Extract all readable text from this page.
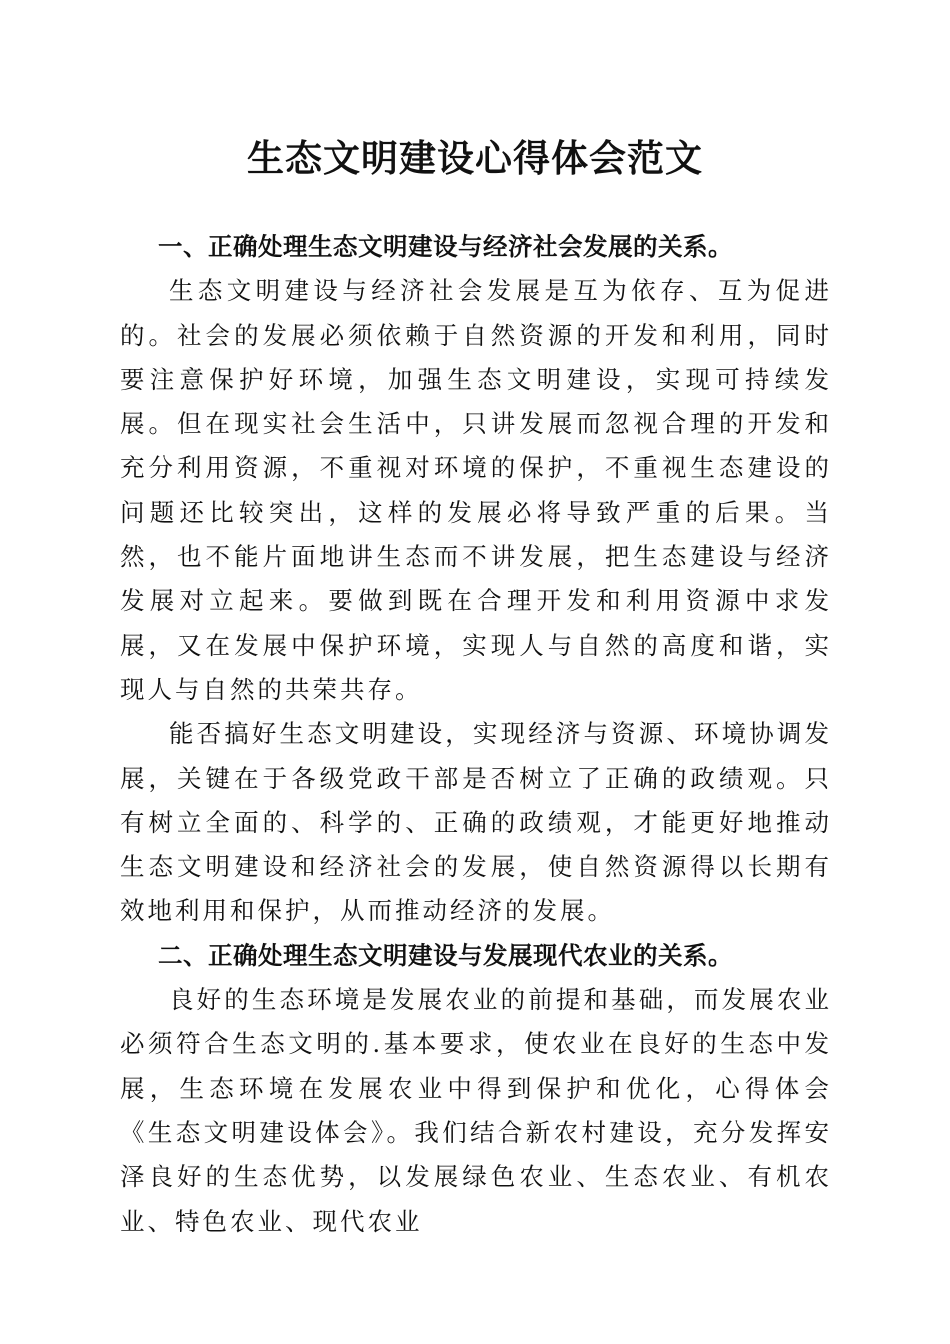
生态文明建设心得体会范文
一、正确处理生态文明建设与经济社会发展的关系。

生态文明建设与经济社会发展是互为依存、互为促进的。社会的发展必须依赖于自然资源的开发和利用，同时要注意保护好环境，加强生态文明建设，实现可持续发展。但在现实社会生活中，只讲发展而忽视合理的开发和充分利用资源，不重视对环境的保护，不重视生态建设的问题还比较突出，这样的发展必将导致严重的后果。当然，也不能片面地讲生态而不讲发展，把生态建设与经济发展对立起来。要做到既在合理开发和利用资源中求发展，又在发展中保护环境，实现人与自然的高度和谐，实现人与自然的共荣共存。

能否搞好生态文明建设，实现经济与资源、环境协调发展，关键在于各级党政干部是否树立了正确的政绩观。只有树立全面的、科学的、正确的政绩观，才能更好地推动生态文明建设和经济社会的发展，使自然资源得以长期有效地利用和保护，从而推动经济的发展。

二、正确处理生态文明建设与发展现代农业的关系。

良好的生态环境是发展农业的前提和基础，而发展农业必须符合生态文明的.基本要求，使农业在良好的生态中发展，生态环境在发展农业中得到保护和优化，心得体会《生态文明建设体会》。我们结合新农村建设，充分发挥安泽良好的生态优势，以发展绿色农业、生态农业、有机农业、特色农业、现代农业
